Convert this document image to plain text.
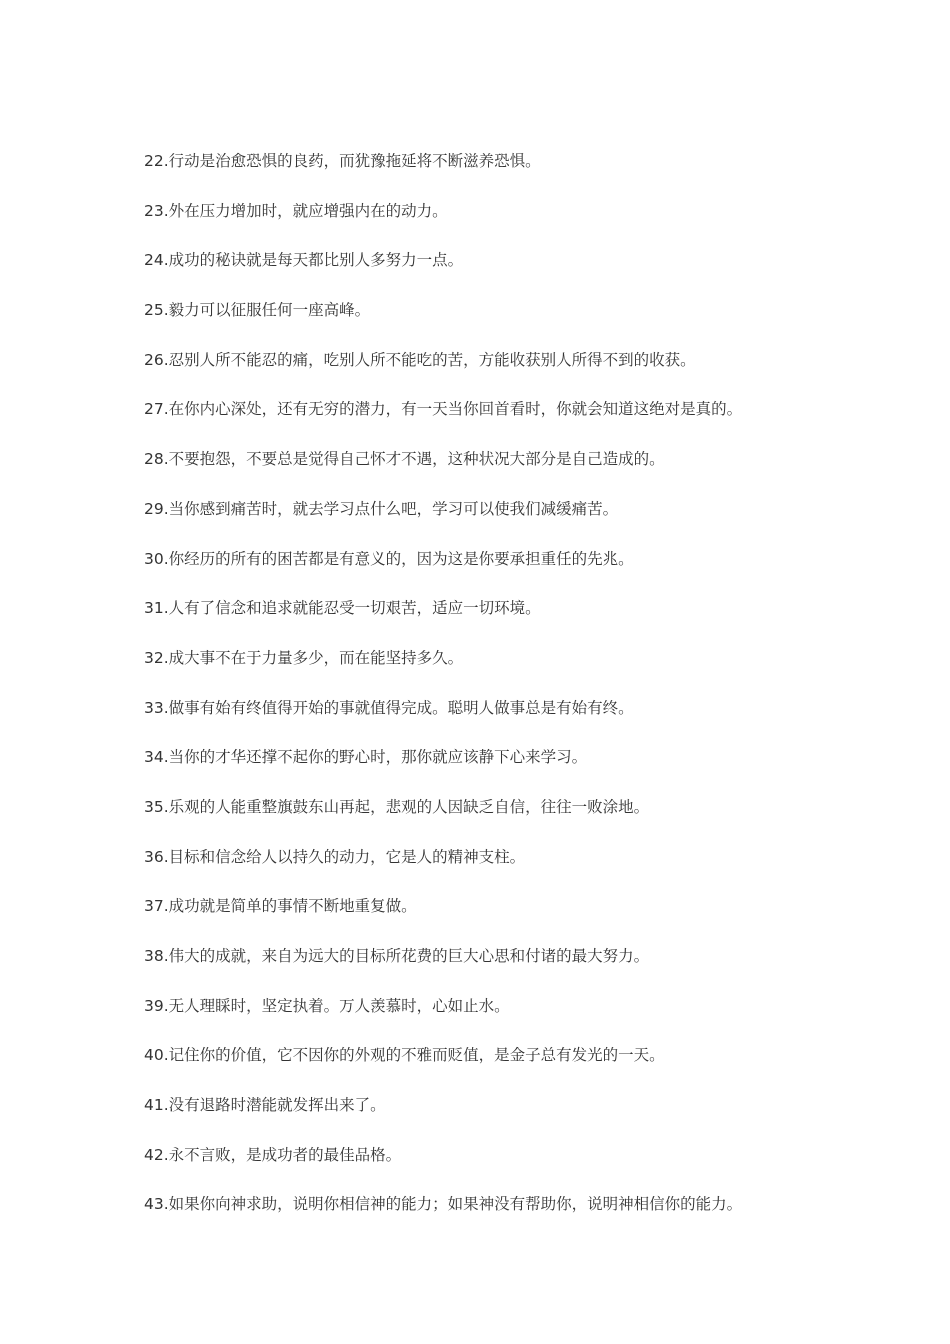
22.行动是治愈恐惧的良药，而犹豫拖延将不断滋养恐惧。
23.外在压力增加时，就应增强内在的动力。
24.成功的秘诀就是每天都比别人多努力一点。
25.毅力可以征服任何一座高峰。
26.忍别人所不能忍的痛，吃别人所不能吃的苦，方能收获别人所得不到的收获。
27.在你内心深处，还有无穷的潜力，有一天当你回首看时，你就会知道这绝对是真的。
28.不要抱怨，不要总是觉得自己怀才不遇，这种状况大部分是自己造成的。
29.当你感到痛苦时，就去学习点什么吧，学习可以使我们减缓痛苦。
30.你经历的所有的困苦都是有意义的，因为这是你要承担重任的先兆。
31.人有了信念和追求就能忍受一切艰苦，适应一切环境。
32.成大事不在于力量多少，而在能坚持多久。
33.做事有始有终值得开始的事就值得完成。聪明人做事总是有始有终。
34.当你的才华还撑不起你的野心时，那你就应该静下心来学习。
35.乐观的人能重整旗鼓东山再起，悲观的人因缺乏自信，往往一败涂地。
36.目标和信念给人以持久的动力，它是人的精神支柱。
37.成功就是简单的事情不断地重复做。
38.伟大的成就，来自为远大的目标所花费的巨大心思和付诸的最大努力。
39.无人理睬时，坚定执着。万人羡慕时，心如止水。
40.记住你的价值，它不因你的外观的不雅而贬值，是金子总有发光的一天。
41.没有退路时潜能就发挥出来了。
42.永不言败，是成功者的最佳品格。
43.如果你向神求助，说明你相信神的能力；如果神没有帮助你，说明神相信你的能力。
